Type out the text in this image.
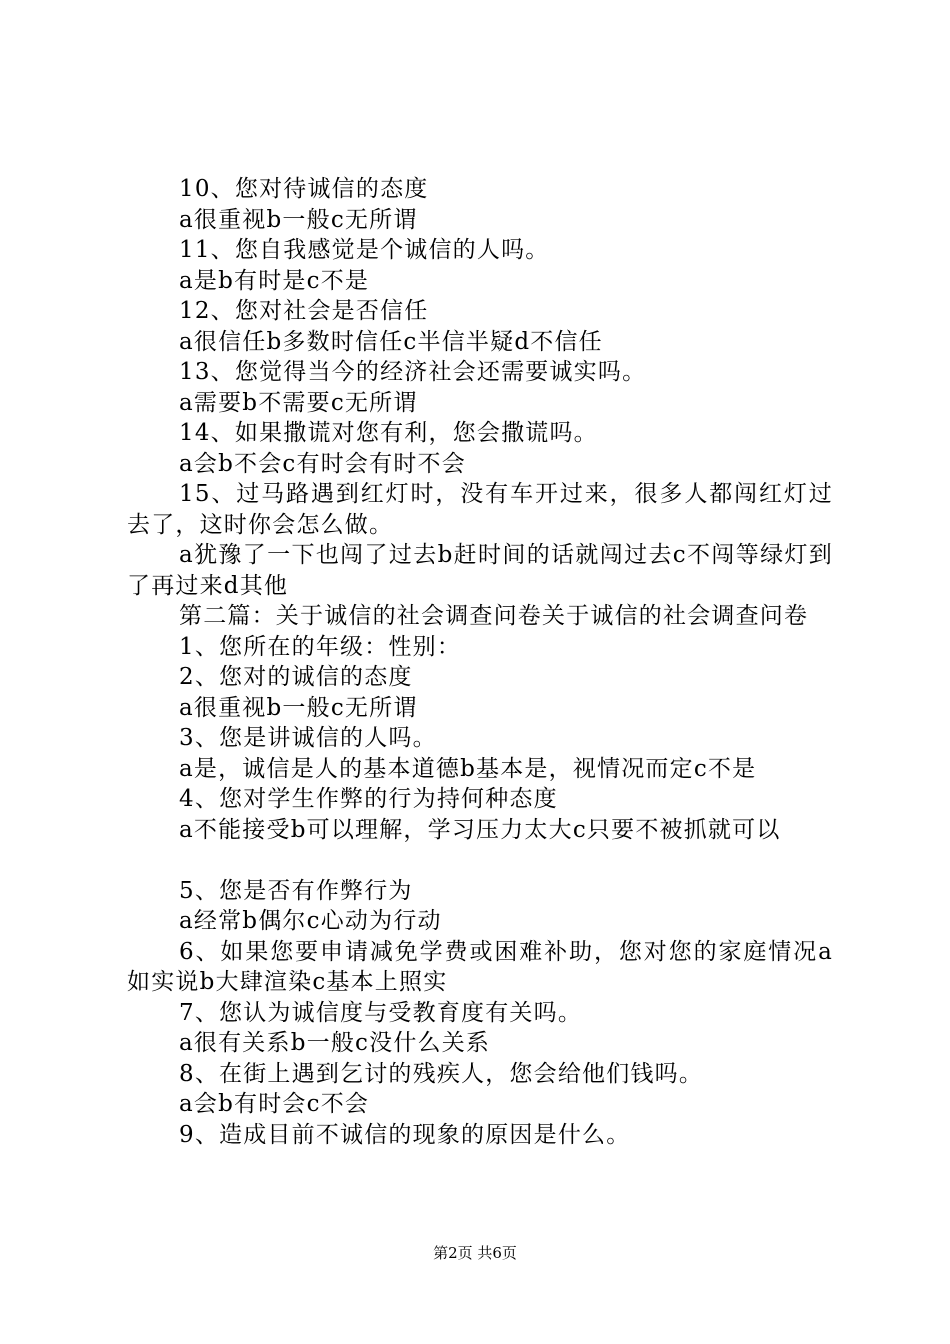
10、您对待诚信的态度
a很重视b一般c无所谓
11、您自我感觉是个诚信的人吗。
a是b有时是c不是
12、您对社会是否信任
a很信任b多数时信任c半信半疑d不信任
13、您觉得当今的经济社会还需要诚实吗。
a需要b不需要c无所谓
14、如果撒谎对您有利，您会撒谎吗。
a会b不会c有时会有时不会
15、过马路遇到红灯时，没有车开过来，很多人都闯红灯过去了，这时你会怎么做。
a犹豫了一下也闯了过去b赶时间的话就闯过去c不闯等绿灯到了再过来d其他
第二篇：关于诚信的社会调查问卷关于诚信的社会调查问卷
1、您所在的年级：性别：
2、您对的诚信的态度
a很重视b一般c无所谓
3、您是讲诚信的人吗。
a是，诚信是人的基本道德b基本是，视情况而定c不是
4、您对学生作弊的行为持何种态度
a不能接受b可以理解，学习压力太大c只要不被抓就可以
5、您是否有作弊行为
a经常b偶尔c心动为行动
6、如果您要申请减免学费或困难补助，您对您的家庭情况a如实说b大肆渲染c基本上照实
7、您认为诚信度与受教育度有关吗。
a很有关系b一般c没什么关系
8、在街上遇到乞讨的残疾人，您会给他们钱吗。
a会b有时会c不会
9、造成目前不诚信的现象的原因是什么。
第2页 共6页
